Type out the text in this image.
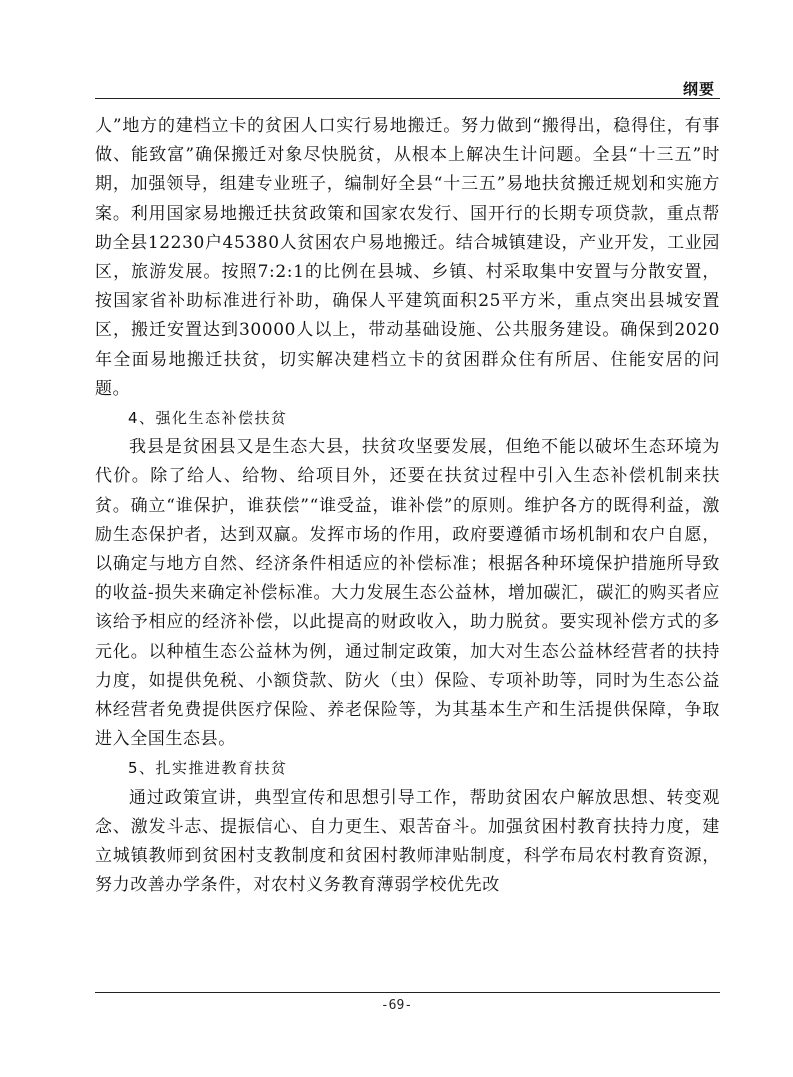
纲要

人”地方的建档立卡的贫困人口实行易地搬迁。努力做到“搬得出，稳得住，有事做、能致富”确保搬迁对象尽快脱贫，从根本上解决生计问题。全县“十三五”时期，加强领导，组建专业班子，编制好全县“十三五”易地扶贫搬迁规划和实施方案。利用国家易地搬迁扶贫政策和国家农发行、国开行的长期专项贷款，重点帮助全县12230户45380人贫困农户易地搬迁。结合城镇建设，产业开发，工业园区，旅游发展。按照7:2:1的比例在县城、乡镇、村采取集中安置与分散安置，按国家省补助标准进行补助，确保人平建筑面积25平方米，重点突出县城安置区，搬迁安置达到30000人以上，带动基础设施、公共服务建设。确保到2020年全面易地搬迁扶贫，切实解决建档立卡的贫困群众住有所居、住能安居的问题。

4、强化生态补偿扶贫

我县是贫困县又是生态大县，扶贫攻坚要发展，但绝不能以破坏生态环境为代价。除了给人、给物、给项目外，还要在扶贫过程中引入生态补偿机制来扶贫。确立“谁保护，谁获偿”“谁受益，谁补偿”的原则。维护各方的既得利益，激励生态保护者，达到双赢。发挥市场的作用，政府要遵循市场机制和农户自愿，以确定与地方自然、经济条件相适应的补偿标准；根据各种环境保护措施所导致的收益-损失来确定补偿标准。大力发展生态公益林，增加碳汇，碳汇的购买者应该给予相应的经济补偿，以此提高的财政收入，助力脱贫。要实现补偿方式的多元化。以种植生态公益林为例，通过制定政策，加大对生态公益林经营者的扶持力度，如提供免税、小额贷款、防火（虫）保险、专项补助等，同时为生态公益林经营者免费提供医疗保险、养老保险等，为其基本生产和生活提供保障，争取进入全国生态县。

5、扎实推进教育扶贫

通过政策宣讲，典型宣传和思想引导工作，帮助贫困农户解放思想、转变观念、激发斗志、提振信心、自力更生、艰苦奋斗。加强贫困村教育扶持力度，建立城镇教师到贫困村支教制度和贫困村教师津贴制度，科学布局农村教育资源，努力改善办学条件，对农村义务教育薄弱学校优先改

-69-
